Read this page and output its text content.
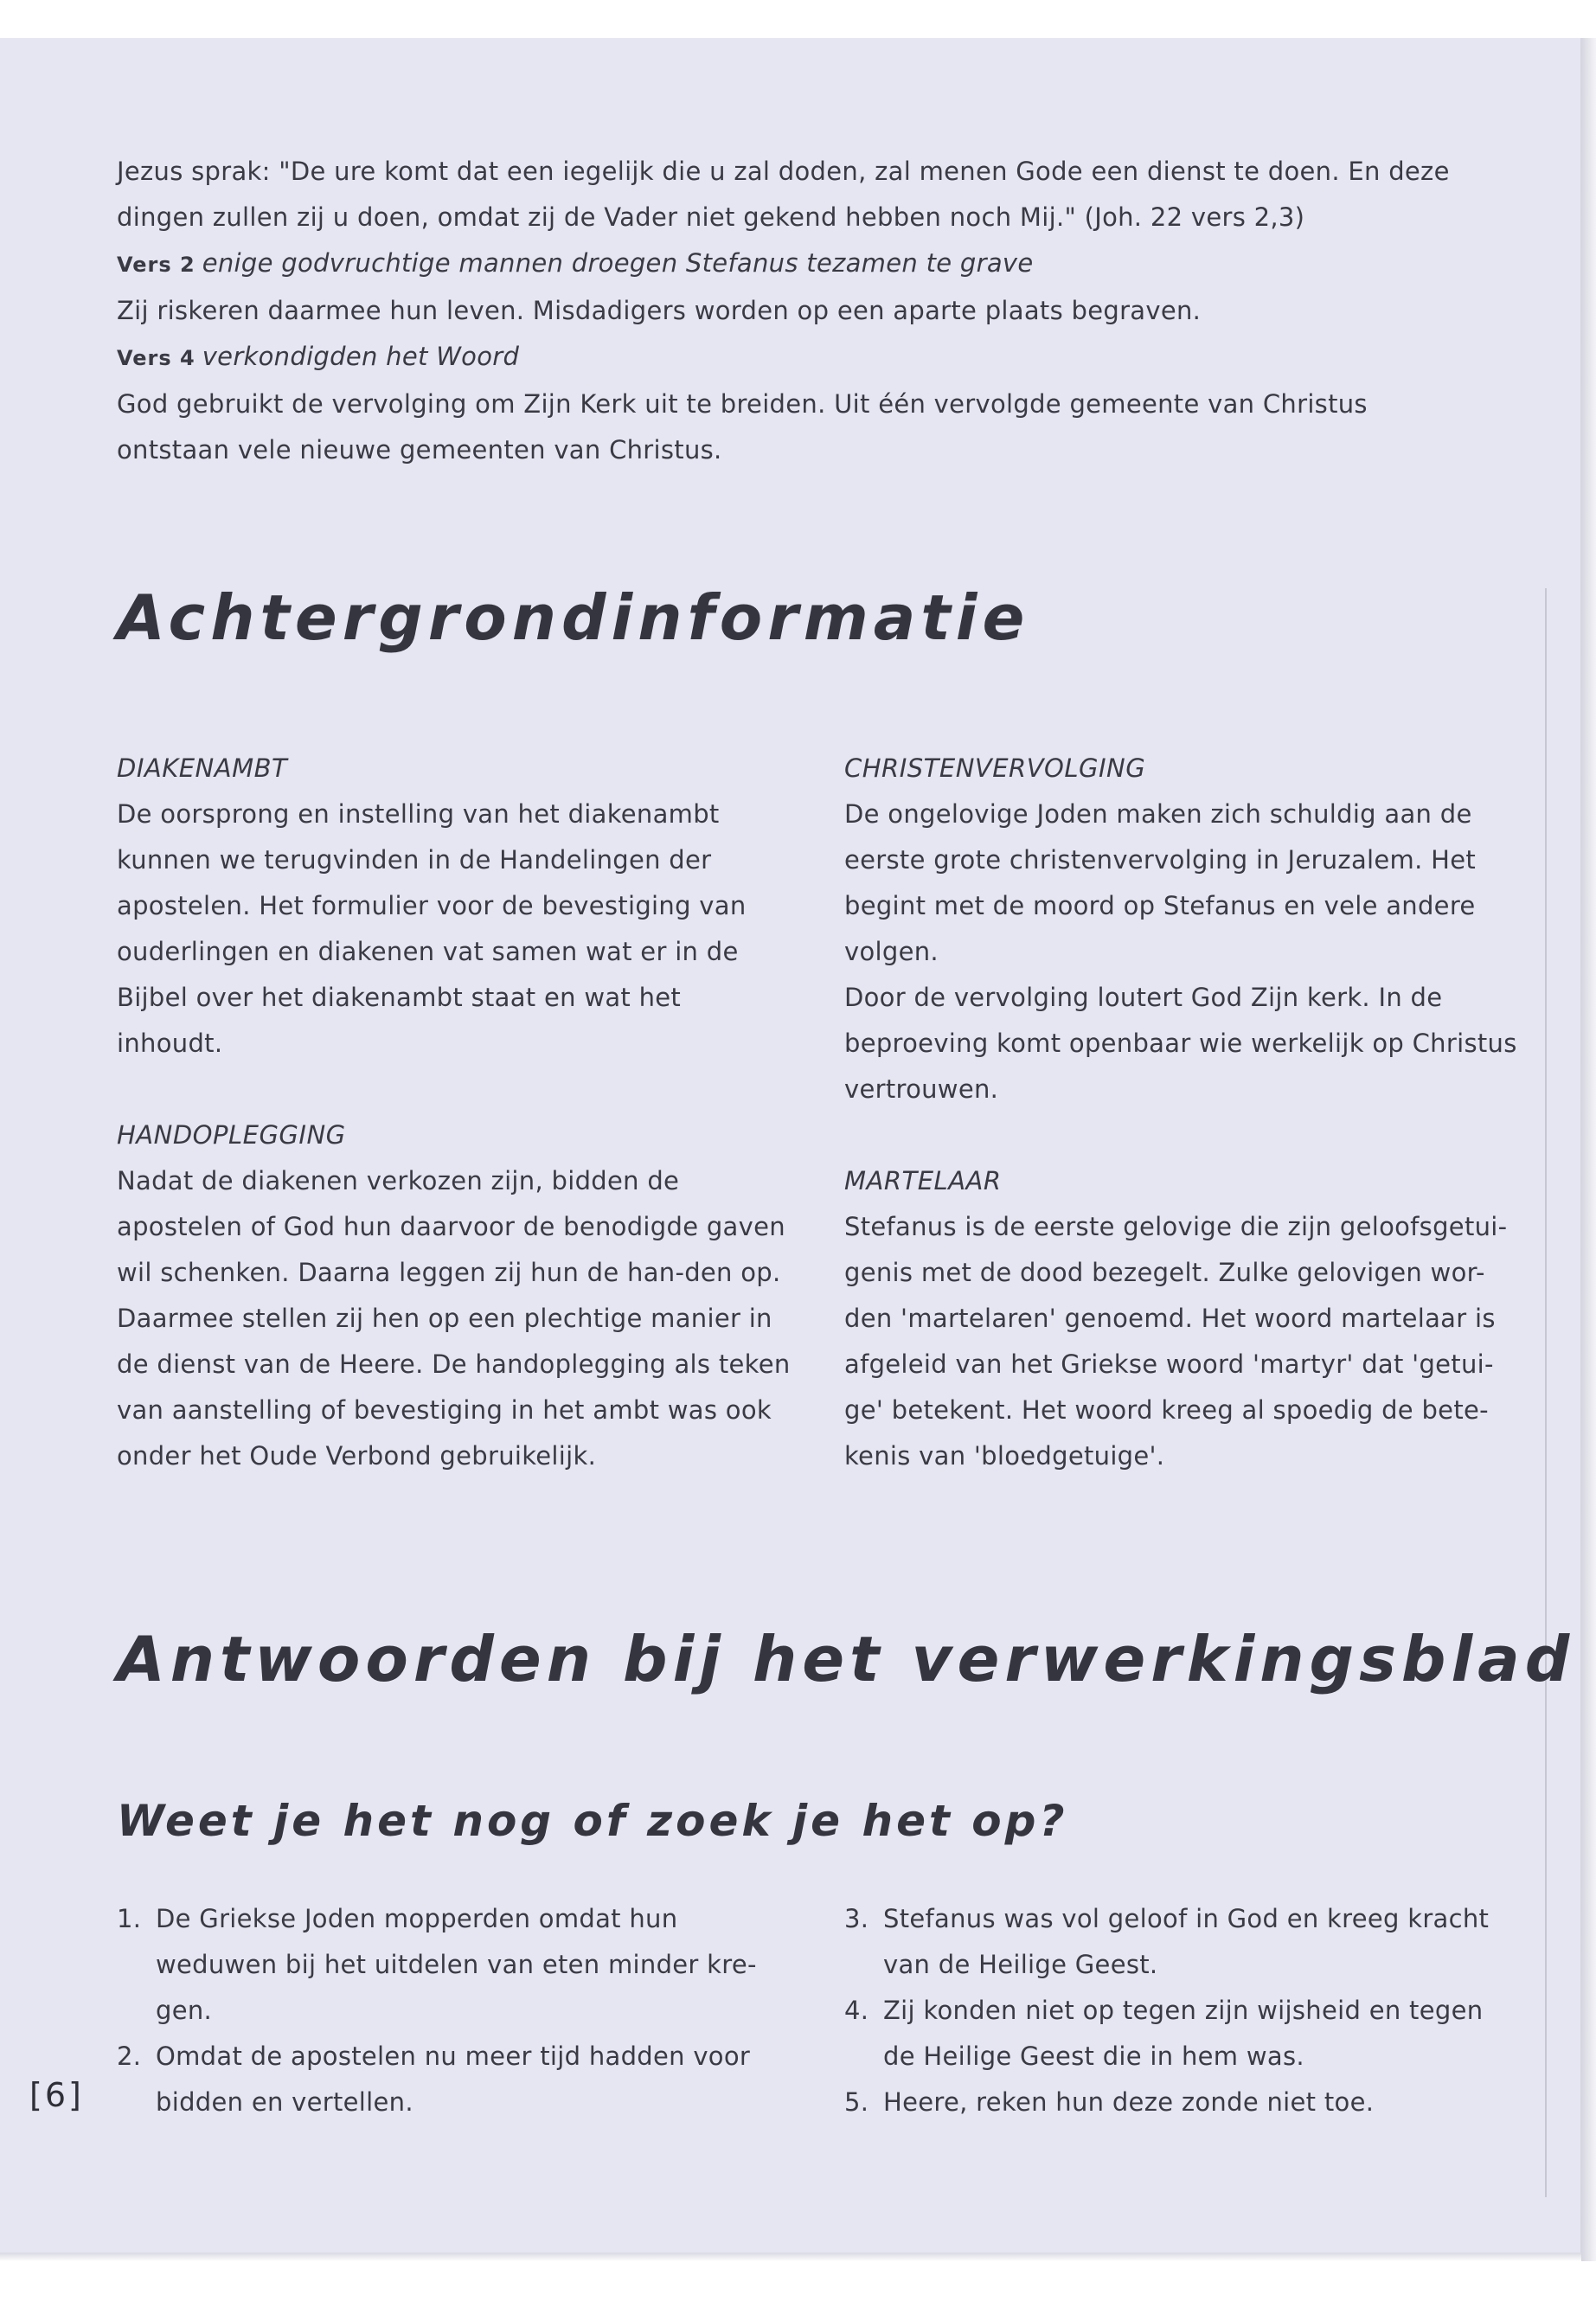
Jezus sprak: "De ure komt dat een iegelijk die u zal doden, zal menen Gode een dienst te doen. En deze dingen zullen zij u doen, omdat zij de Vader niet gekend hebben noch Mij." (Joh. 22 vers 2,3)

Vers 2 enige godvruchtige mannen droegen Stefanus tezamen te grave

Zij riskeren daarmee hun leven. Misdadigers worden op een aparte plaats begraven.

Vers 4 verkondigden het Woord

God gebruikt de vervolging om Zijn Kerk uit te breiden. Uit één vervolgde gemeente van Christus ontstaan vele nieuwe gemeenten van Christus.

Achtergrondinformatie

DIAKENAMBT

De oorsprong en instelling van het diakenambt kunnen we terugvinden in de Handelingen der apostelen. Het formulier voor de bevestiging van ouderlingen en diakenen vat samen wat er in de Bijbel over het diakenambt staat en wat het inhoudt.

HANDOPLEGGING

Nadat de diakenen verkozen zijn, bidden de apostelen of God hun daarvoor de benodigde gaven wil schenken. Daarna leggen zij hun de han-den op. Daarmee stellen zij hen op een plechtige manier in de dienst van de Heere. De handoplegging als teken van aanstelling of bevestiging in het ambt was ook onder het Oude Verbond gebruikelijk.

CHRISTENVERVOLGING

De ongelovige Joden maken zich schuldig aan de eerste grote christenvervolging in Jeruzalem. Het begint met de moord op Stefanus en vele andere volgen.

Door de vervolging loutert God Zijn kerk. In de beproeving komt openbaar wie werkelijk op Christus vertrouwen.

MARTELAAR

Stefanus is de eerste gelovige die zijn geloofsgetui-genis met de dood bezegelt. Zulke gelovigen wor-den 'martelaren' genoemd. Het woord martelaar is afgeleid van het Griekse woord 'martyr' dat 'getui-ge' betekent. Het woord kreeg al spoedig de bete-kenis van 'bloedgetuige'.

Antwoorden bij het verwerkingsblad
Weet je het nog of zoek je het op?
1. De Griekse Joden mopperden omdat hun weduwen bij het uitdelen van eten minder kre-gen.
2. Omdat de apostelen nu meer tijd hadden voor bidden en vertellen.
3. Stefanus was vol geloof in God en kreeg kracht van de Heilige Geest.
4. Zij konden niet op tegen zijn wijsheid en tegen de Heilige Geest die in hem was.
5. Heere, reken hun deze zonde niet toe.
[6]
